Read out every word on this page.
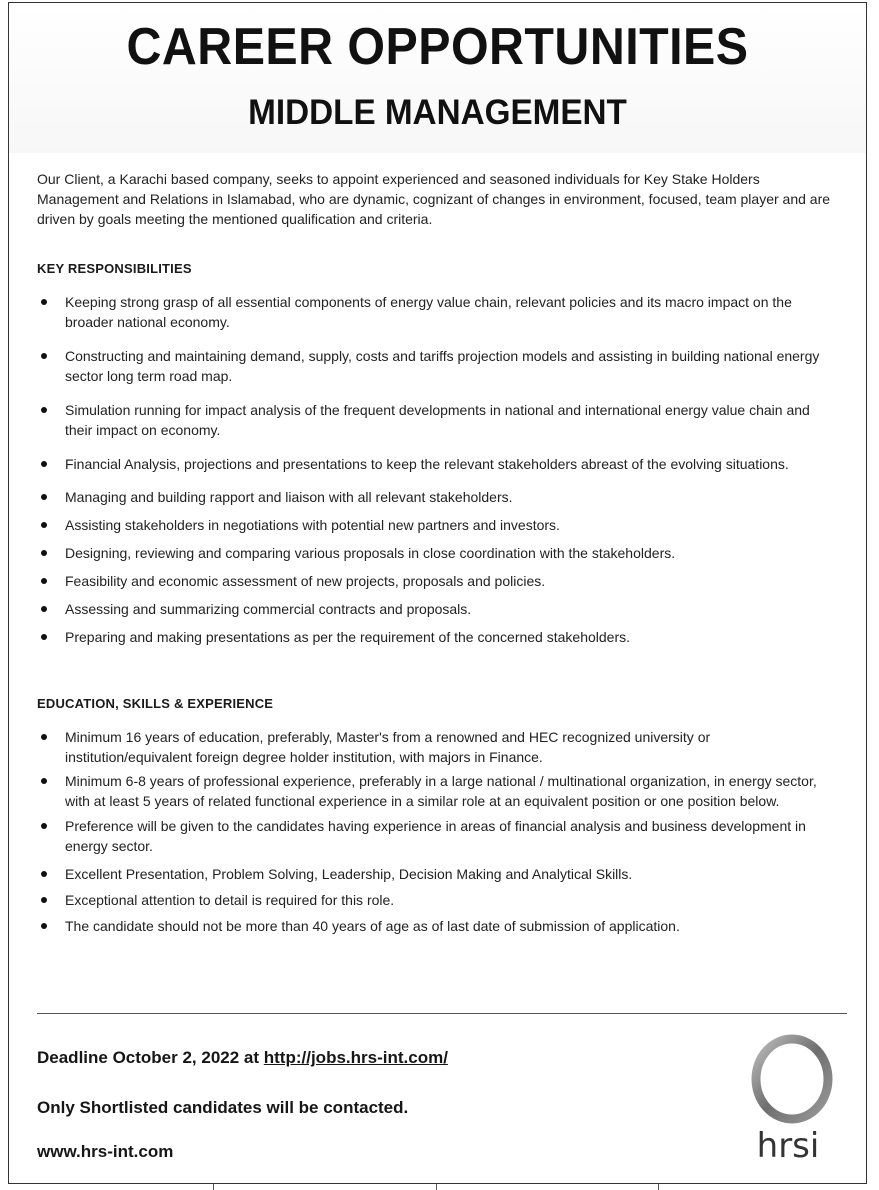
CAREER OPPORTUNITIES
MIDDLE MANAGEMENT
Our Client, a Karachi based company, seeks to appoint experienced and seasoned individuals for Key Stake Holders Management and Relations in Islamabad, who are dynamic, cognizant of changes in environment, focused, team player and are driven by goals meeting the mentioned qualification and criteria.
KEY RESPONSIBILITIES
Keeping strong grasp of all essential components of energy value chain, relevant policies and its macro impact on the broader national economy.
Constructing and maintaining demand, supply, costs and tariffs projection models and assisting in building national energy sector long term road map.
Simulation running for impact analysis of the frequent developments in national and international energy value chain and their impact on economy.
Financial Analysis, projections and presentations to keep the relevant stakeholders abreast of the evolving situations.
Managing and building rapport and liaison with all relevant stakeholders.
Assisting stakeholders in negotiations with potential new partners and investors.
Designing, reviewing and comparing various proposals in close coordination with the stakeholders.
Feasibility and economic assessment of new projects, proposals and policies.
Assessing and summarizing commercial contracts and proposals.
Preparing and making presentations as per the requirement of the concerned stakeholders.
EDUCATION, SKILLS & EXPERIENCE
Minimum 16 years of education, preferably, Master's from a renowned and HEC recognized university or institution/equivalent foreign degree holder institution, with majors in Finance.
Minimum 6-8 years of professional experience, preferably in a large national / multinational organization, in energy sector, with at least 5 years of related functional experience in a similar role at an equivalent position or one position below.
Preference will be given to the candidates having experience in areas of financial analysis and business development in energy sector.
Excellent Presentation, Problem Solving, Leadership, Decision Making and Analytical Skills.
Exceptional attention to detail is required for this role.
The candidate should not be more than 40 years of age as of last date of submission of application.
Deadline October 2, 2022 at http://jobs.hrs-int.com/
Only Shortlisted candidates will be contacted.
www.hrs-int.com	hrsi
